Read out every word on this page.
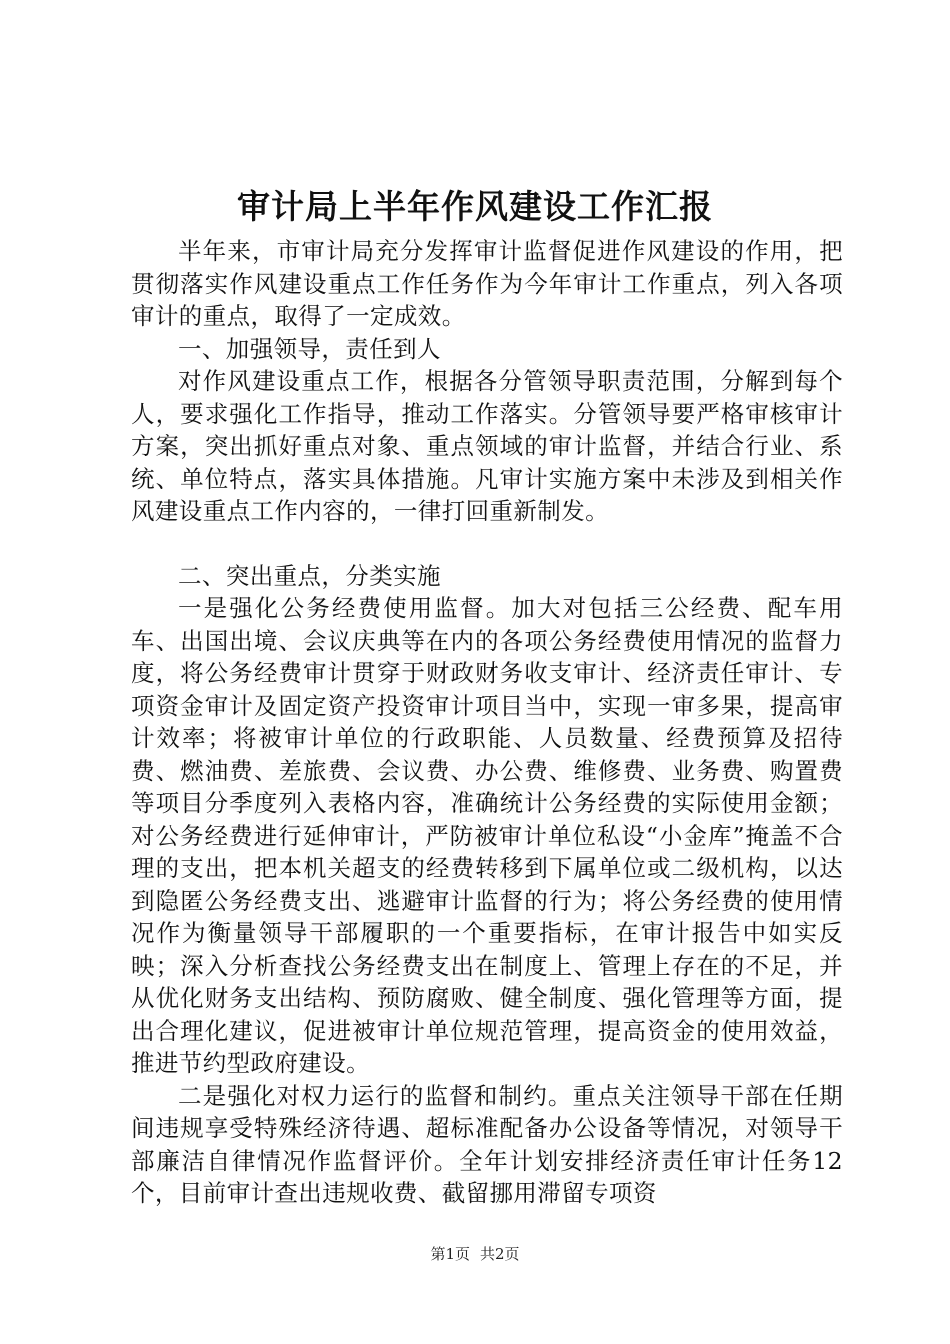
审计局上半年作风建设工作汇报

半年来，市审计局充分发挥审计监督促进作风建设的作用，把贯彻落实作风建设重点工作任务作为今年审计工作重点，列入各项审计的重点，取得了一定成效。

一、加强领导，责任到人

对作风建设重点工作，根据各分管领导职责范围，分解到每个人，要求强化工作指导，推动工作落实。分管领导要严格审核审计方案，突出抓好重点对象、重点领域的审计监督，并结合行业、系统、单位特点，落实具体措施。凡审计实施方案中未涉及到相关作风建设重点工作内容的，一律打回重新制发。

二、突出重点，分类实施

一是强化公务经费使用监督。加大对包括三公经费、配车用车、出国出境、会议庆典等在内的各项公务经费使用情况的监督力度，将公务经费审计贯穿于财政财务收支审计、经济责任审计、专项资金审计及固定资产投资审计项目当中，实现一审多果，提高审计效率；将被审计单位的行政职能、人员数量、经费预算及招待费、燃油费、差旅费、会议费、办公费、维修费、业务费、购置费等项目分季度列入表格内容，准确统计公务经费的实际使用金额；对公务经费进行延伸审计，严防被审计单位私设“小金库”掩盖不合理的支出，把本机关超支的经费转移到下属单位或二级机构，以达到隐匿公务经费支出、逃避审计监督的行为；将公务经费的使用情况作为衡量领导干部履职的一个重要指标，在审计报告中如实反映；深入分析查找公务经费支出在制度上、管理上存在的不足，并从优化财务支出结构、预防腐败、健全制度、强化管理等方面，提出合理化建议，促进被审计单位规范管理，提高资金的使用效益，推进节约型政府建设。

二是强化对权力运行的监督和制约。重点关注领导干部在任期间违规享受特殊经济待遇、超标准配备办公设备等情况，对领导干部廉洁自律情况作监督评价。全年计划安排经济责任审计任务12个，目前审计查出违规收费、截留挪用滞留专项资

第1页 共2页
